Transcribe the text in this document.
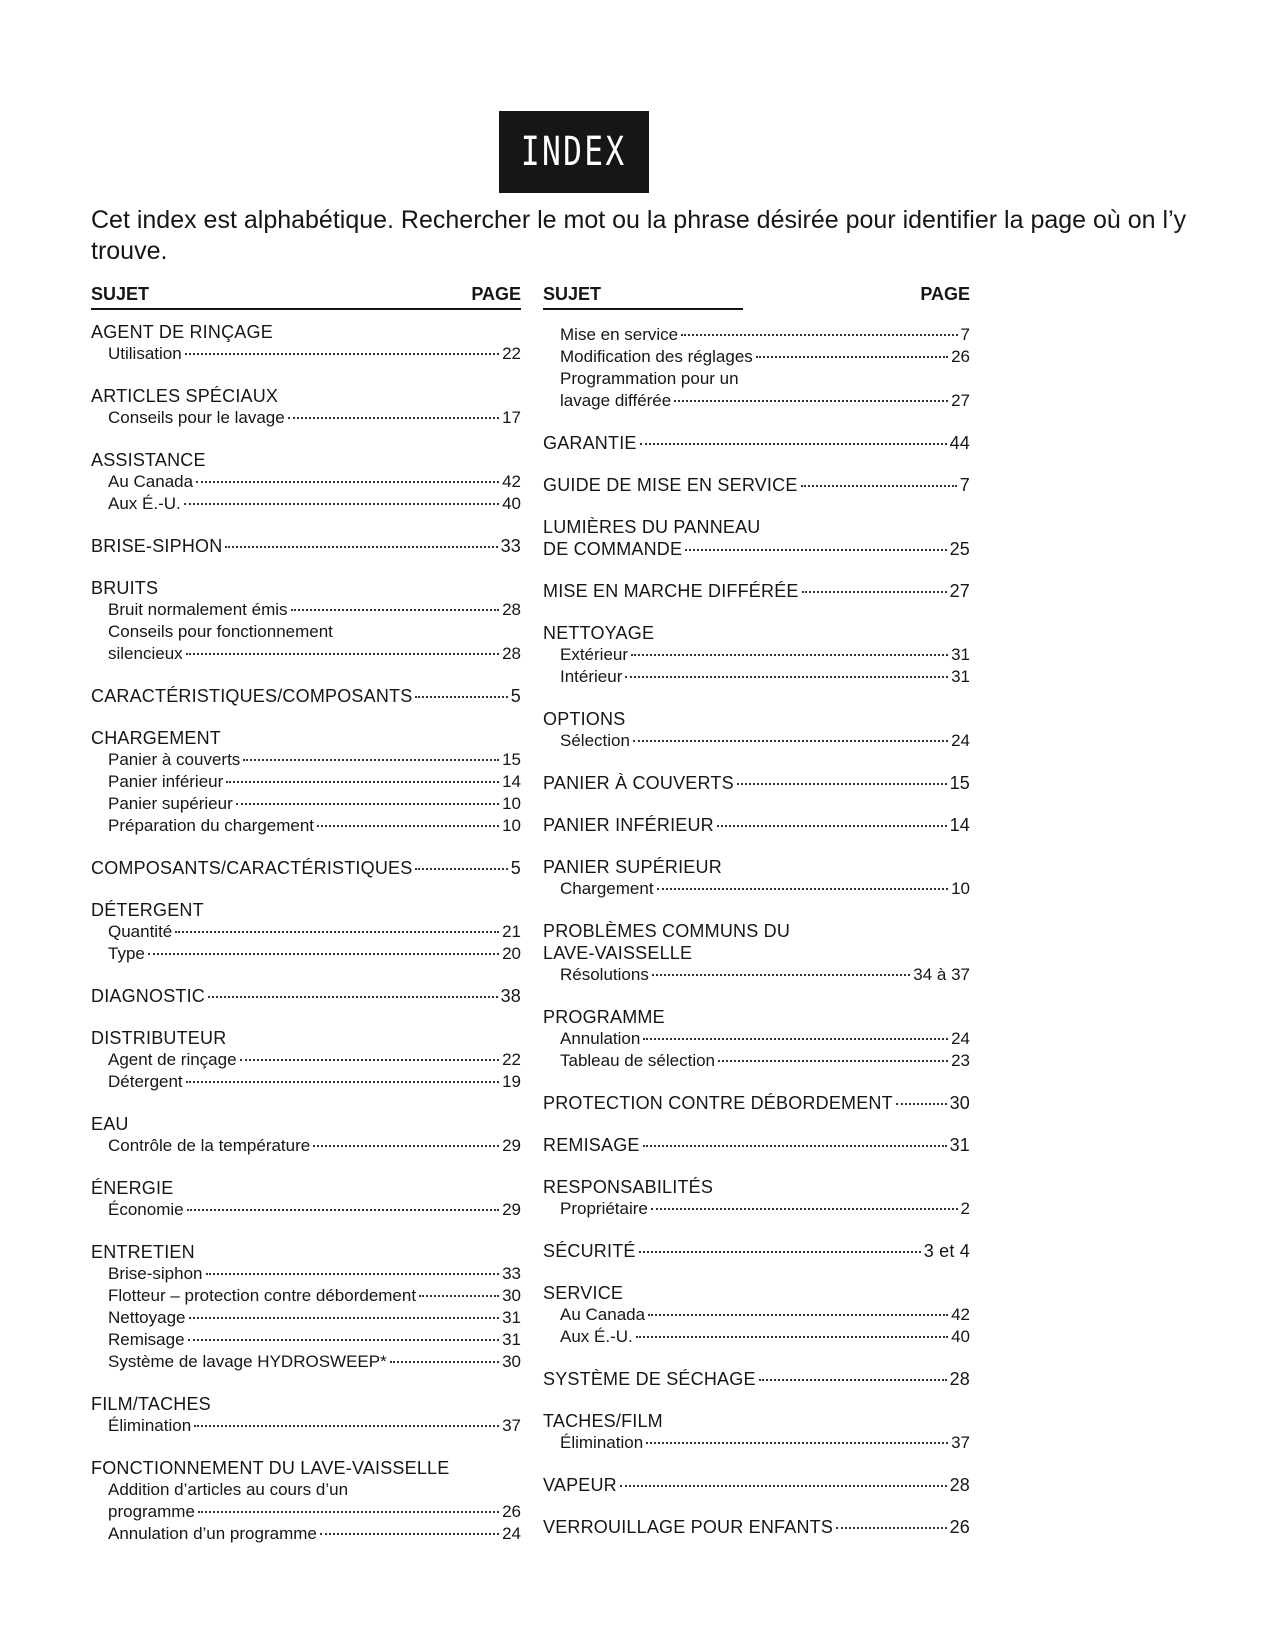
INDEX
Cet index est alphabétique. Rechercher le mot ou la phrase désirée pour identifier la page où on l’y trouve.
SUJET	PAGE
AGENT DE RINÇAGE
Utilisation	22
ARTICLES SPÉCIAUX
Conseils pour le lavage	17
ASSISTANCE
Au Canada	42
Aux É.-U.	40
BRISE-SIPHON	33
BRUITS
Bruit normalement émis	28
Conseils pour fonctionnement
silencieux	28
CARACTÉRISTIQUES/COMPOSANTS	5
CHARGEMENT
Panier à couverts	15
Panier inférieur	14
Panier supérieur	10
Préparation du chargement	10
COMPOSANTS/CARACTÉRISTIQUES	5
DÉTERGENT
Quantité	21
Type	20
DIAGNOSTIC	38
DISTRIBUTEUR
Agent de rinçage	22
Détergent	19
EAU
Contrôle de la température	29
ÉNERGIE
Économie	29
ENTRETIEN
Brise-siphon	33
Flotteur – protection contre débordement	30
Nettoyage	31
Remisage	31
Système de lavage HYDROSWEEP*	30
FILM/TACHES
Élimination	37
FONCTIONNEMENT DU LAVE-VAISSELLE
Addition d’articles au cours d’un
programme	26
Annulation d’un programme	24
SUJET	PAGE
Mise en service	7
Modification des réglages	26
Programmation pour un
lavage différée	27
GARANTIE	44
GUIDE DE MISE EN SERVICE	7
LUMIÈRES DU PANNEAU
DE COMMANDE	25
MISE EN MARCHE DIFFÉRÉE	27
NETTOYAGE
Extérieur	31
Intérieur	31
OPTIONS
Sélection	24
PANIER À COUVERTS	15
PANIER INFÉRIEUR	14
PANIER SUPÉRIEUR
Chargement	10
PROBLÈMES COMMUNS DU
LAVE-VAISSELLE
Résolutions	34 à 37
PROGRAMME
Annulation	24
Tableau de sélection	23
PROTECTION CONTRE DÉBORDEMENT	30
REMISAGE	31
RESPONSABILITÉS
Propriétaire	2
SÉCURITÉ	3 et 4
SERVICE
Au Canada	42
Aux É.-U.	40
SYSTÈME DE SÉCHAGE	28
TACHES/FILM
Élimination	37
VAPEUR	28
VERROUILLAGE POUR ENFANTS	26
